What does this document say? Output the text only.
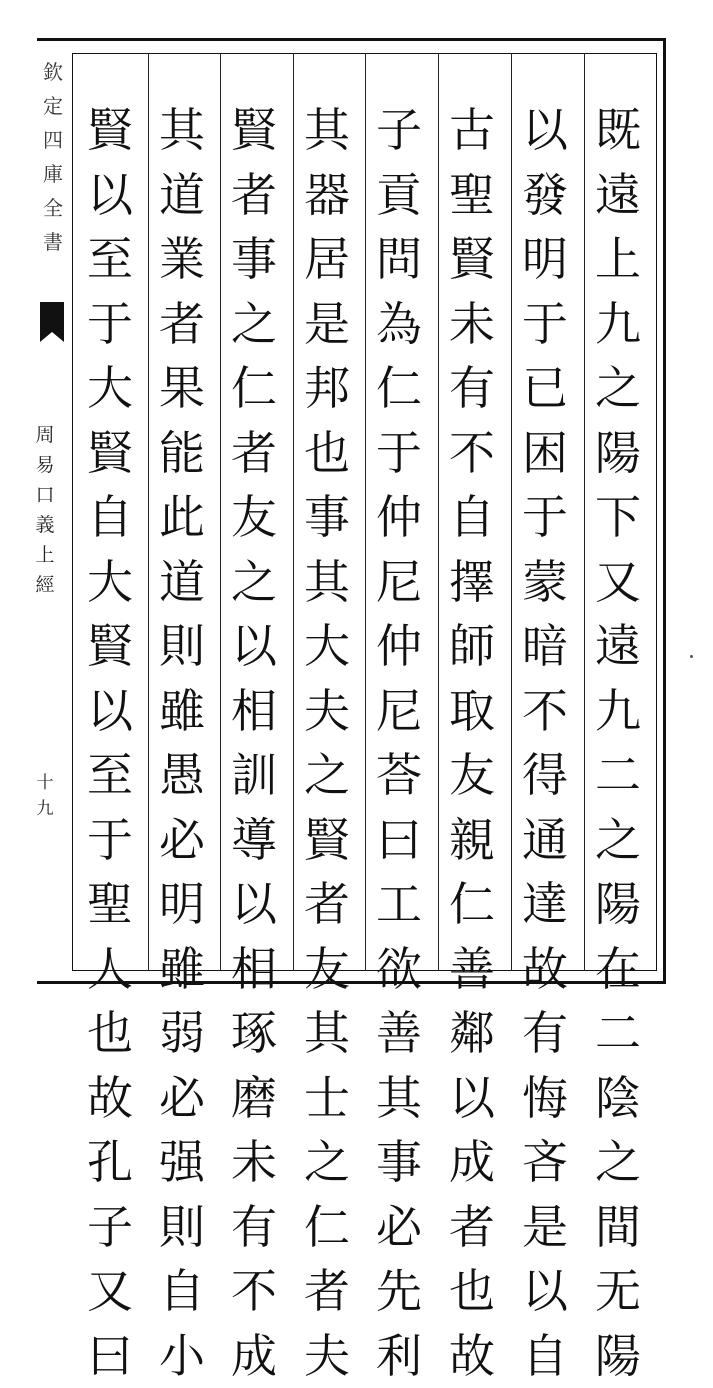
欽
定
四
庫
全
書
周
易
口
義
上
經
十
九
既
遠
上
九
之
陽
下
又
遠
九
二
之
陽
在
二
陰
之
間
无
陽
以
發
明
于
已
困
于
蒙
暗
不
得
通
達
故
有
悔
吝
是
以
自
古
聖
賢
未
有
不
自
擇
師
取
友
親
仁
善
鄰
以
成
者
也
故
子
貢
問
為
仁
于
仲
尼
仲
尼
荅
曰
工
欲
善
其
事
必
先
利
其
器
居
是
邦
也
事
其
大
夫
之
賢
者
友
其
士
之
仁
者
夫
賢
者
事
之
仁
者
友
之
以
相
訓
導
以
相
琢
磨
未
有
不
成
其
道
業
者
果
能
此
道
則
雖
愚
必
明
雖
弱
必
强
則
自
小
賢
以
至
于
大
賢
自
大
賢
以
至
于
聖
人
也
故
孔
子
又
曰
